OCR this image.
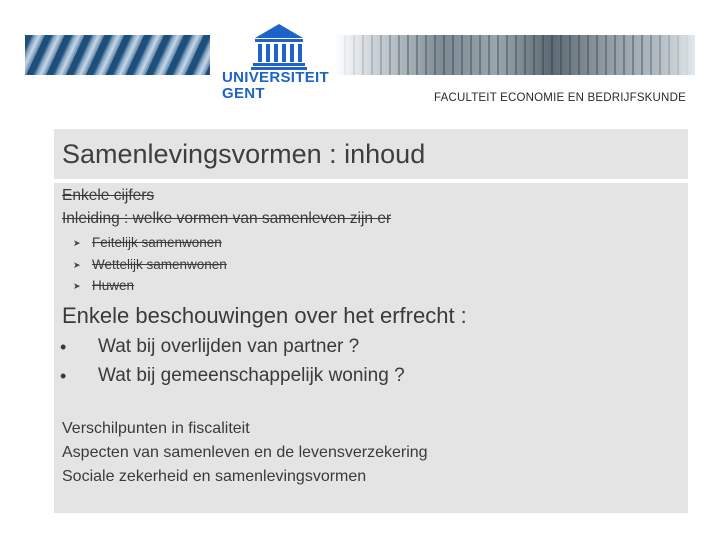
UNIVERSITEIT
GENT	FACULTEIT ECONOMIE EN BEDRIJFSKUNDE
Samenlevingsvormen : inhoud
Enkele cijfers
Inleiding : welke vormen van samenleven zijn er
➤ Feitelijk samenwonen
➤ Wettelijk samenwonen
➤ Huwen
Enkele beschouwingen over het erfrecht :
• Wat bij overlijden van partner ?
• Wat bij gemeenschappelijk woning ?
Verschilpunten in fiscaliteit
Aspecten van samenleven en de levensverzekering
Sociale zekerheid en samenlevingsvormen
